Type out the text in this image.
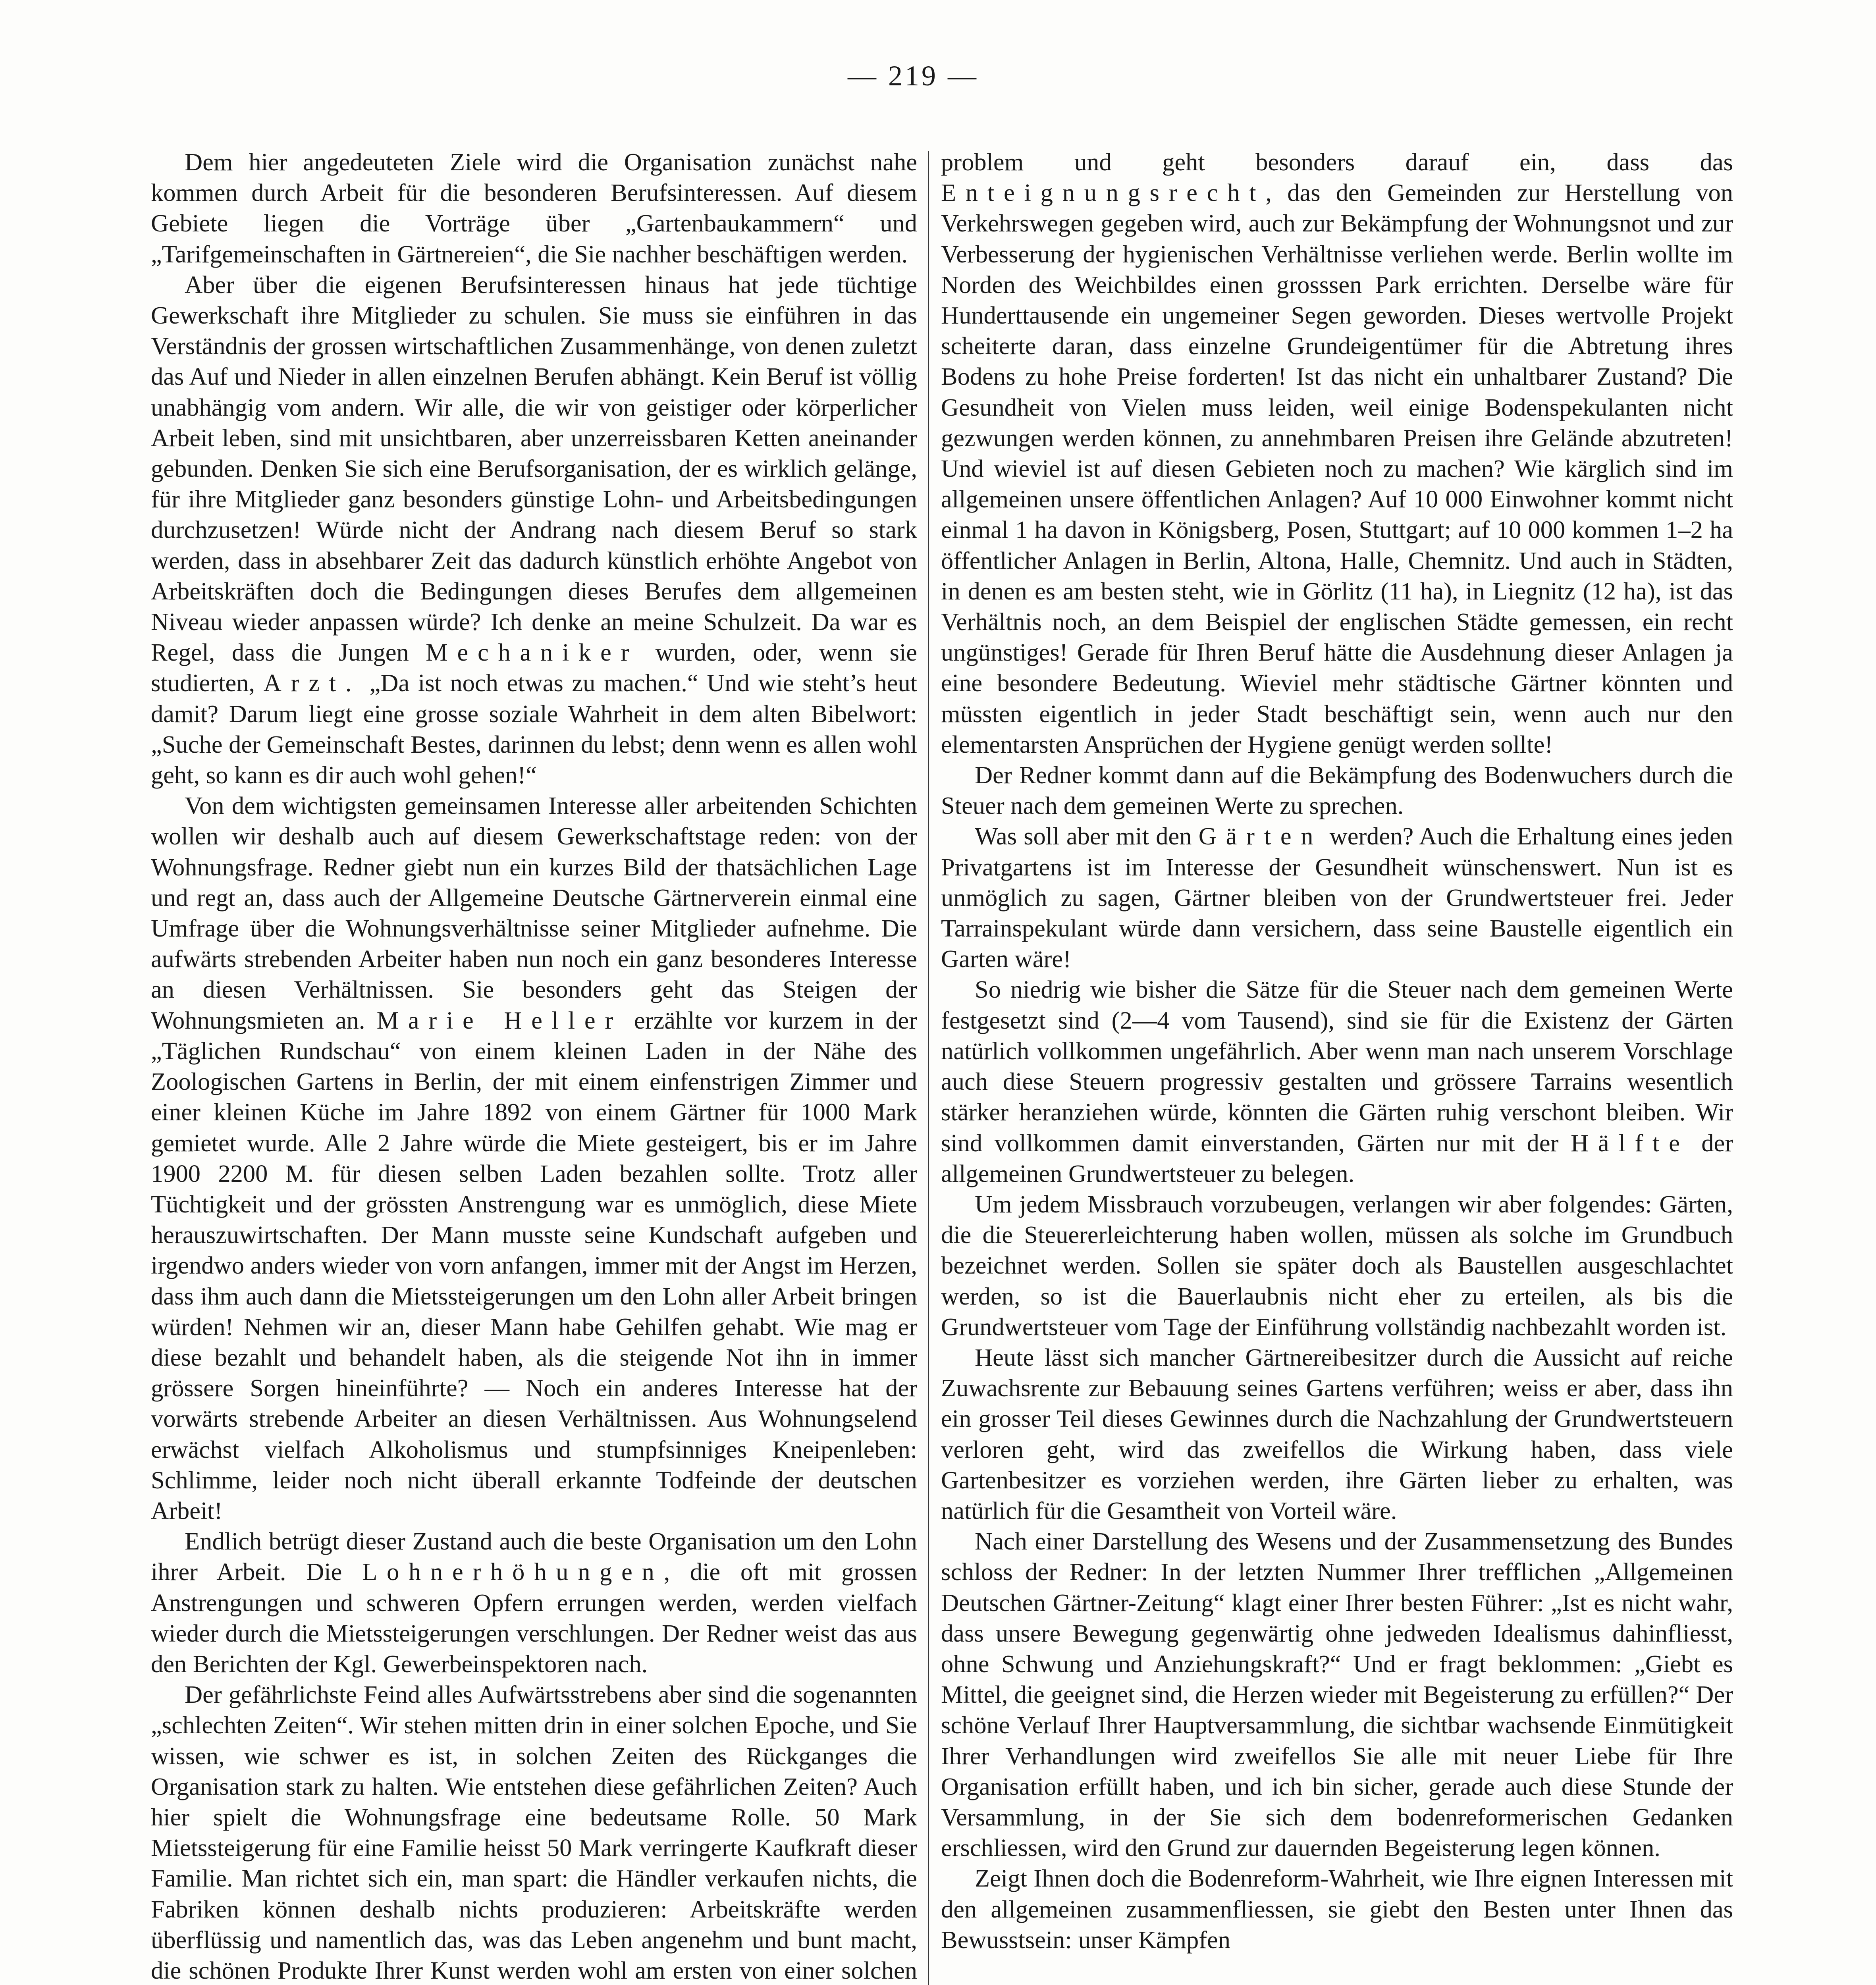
— 219 —

Dem hier angedeuteten Ziele wird die Organisation zunächst nahe kommen durch Arbeit für die besonderen Berufsinteressen. Auf diesem Gebiete liegen die Vorträge über „Gartenbaukammern“ und „Tarifgemeinschaften in Gärtnereien“, die Sie nachher beschäftigen werden.

Aber über die eigenen Berufsinteressen hinaus hat jede tüchtige Gewerkschaft ihre Mitglieder zu schulen. Sie muss sie einführen in das Verständnis der grossen wirtschaftlichen Zusammenhänge, von denen zuletzt das Auf und Nieder in allen einzelnen Berufen abhängt. Kein Beruf ist völlig unabhängig vom andern. Wir alle, die wir von geistiger oder körperlicher Arbeit leben, sind mit unsichtbaren, aber unzerreissbaren Ketten aneinander gebunden. Denken Sie sich eine Berufsorganisation, der es wirklich gelänge, für ihre Mitglieder ganz besonders günstige Lohn- und Arbeitsbedingungen durchzusetzen! Würde nicht der Andrang nach diesem Beruf so stark werden, dass in absehbarer Zeit das dadurch künstlich erhöhte Angebot von Arbeitskräften doch die Bedingungen dieses Berufes dem allgemeinen Niveau wieder anpassen würde? Ich denke an meine Schulzeit. Da war es Regel, dass die Jungen Mechaniker wurden, oder, wenn sie studierten, Arzt. „Da ist noch etwas zu machen.“ Und wie steht’s heut damit? Darum liegt eine grosse soziale Wahrheit in dem alten Bibelwort: „Suche der Gemeinschaft Bestes, darinnen du lebst; denn wenn es allen wohl geht, so kann es dir auch wohl gehen!“

Von dem wichtigsten gemeinsamen Interesse aller arbeitenden Schichten wollen wir deshalb auch auf diesem Gewerkschaftstage reden: von der Wohnungsfrage. Redner giebt nun ein kurzes Bild der thatsächlichen Lage und regt an, dass auch der Allgemeine Deutsche Gärtnerverein einmal eine Umfrage über die Wohnungsverhältnisse seiner Mitglieder aufnehme. Die aufwärts strebenden Arbeiter haben nun noch ein ganz besonderes Interesse an diesen Verhältnissen. Sie besonders geht das Steigen der Wohnungsmieten an. Marie Heller erzählte vor kurzem in der „Täglichen Rundschau“ von einem kleinen Laden in der Nähe des Zoologischen Gartens in Berlin, der mit einem einfenstrigen Zimmer und einer kleinen Küche im Jahre 1892 von einem Gärtner für 1000 Mark gemietet wurde. Alle 2 Jahre würde die Miete gesteigert, bis er im Jahre 1900 2200 M. für diesen selben Laden bezahlen sollte. Trotz aller Tüchtigkeit und der grössten Anstrengung war es unmöglich, diese Miete herauszuwirtschaften. Der Mann musste seine Kundschaft aufgeben und irgendwo anders wieder von vorn anfangen, immer mit der Angst im Herzen, dass ihm auch dann die Mietssteigerungen um den Lohn aller Arbeit bringen würden! Nehmen wir an, dieser Mann habe Gehilfen gehabt. Wie mag er diese bezahlt und behandelt haben, als die steigende Not ihn in immer grössere Sorgen hineinführte? — Noch ein anderes Interesse hat der vorwärts strebende Arbeiter an diesen Verhältnissen. Aus Wohnungselend erwächst vielfach Alkoholismus und stumpfsinniges Kneipenleben: Schlimme, leider noch nicht überall erkannte Todfeinde der deutschen Arbeit!

Endlich betrügt dieser Zustand auch die beste Organisation um den Lohn ihrer Arbeit. Die Lohnerhöhungen, die oft mit grossen Anstrengungen und schweren Opfern errungen werden, werden vielfach wieder durch die Mietssteigerungen verschlungen. Der Redner weist das aus den Berichten der Kgl. Gewerbeinspektoren nach.

Der gefährlichste Feind alles Aufwärtsstrebens aber sind die sogenannten „schlechten Zeiten“. Wir stehen mitten drin in einer solchen Epoche, und Sie wissen, wie schwer es ist, in solchen Zeiten des Rückganges die Organisation stark zu halten. Wie entstehen diese gefährlichen Zeiten? Auch hier spielt die Wohnungsfrage eine bedeutsame Rolle. 50 Mark Mietssteigerung für eine Familie heisst 50 Mark verringerte Kaufkraft dieser Familie. Man richtet sich ein, man spart: die Händler verkaufen nichts, die Fabriken können deshalb nichts produzieren: Arbeitskräfte werden überflüssig und namentlich das, was das Leben angenehm und bunt macht, die schönen Produkte Ihrer Kunst werden wohl am ersten von einer solchen

problem und geht besonders darauf ein, dass das Enteignungsrecht, das den Gemeinden zur Herstellung von Verkehrswegen gegeben wird, auch zur Bekämpfung der Wohnungsnot und zur Verbesserung der hygienischen Verhältnisse verliehen werde. Berlin wollte im Norden des Weichbildes einen grosssen Park errichten. Derselbe wäre für Hunderttausende ein ungemeiner Segen geworden. Dieses wertvolle Projekt scheiterte daran, dass einzelne Grundeigentümer für die Abtretung ihres Bodens zu hohe Preise forderten! Ist das nicht ein unhaltbarer Zustand? Die Gesundheit von Vielen muss leiden, weil einige Bodenspekulanten nicht gezwungen werden können, zu annehmbaren Preisen ihre Gelände abzutreten! Und wieviel ist auf diesen Gebieten noch zu machen? Wie kärglich sind im allgemeinen unsere öffentlichen Anlagen? Auf 10 000 Einwohner kommt nicht einmal 1 ha davon in Königsberg, Posen, Stuttgart; auf 10 000 kommen 1–2 ha öffentlicher Anlagen in Berlin, Altona, Halle, Chemnitz. Und auch in Städten, in denen es am besten steht, wie in Görlitz (11 ha), in Liegnitz (12 ha), ist das Verhältnis noch, an dem Beispiel der englischen Städte gemessen, ein recht ungünstiges! Gerade für Ihren Beruf hätte die Ausdehnung dieser Anlagen ja eine besondere Bedeutung. Wieviel mehr städtische Gärtner könnten und müssten eigentlich in jeder Stadt beschäftigt sein, wenn auch nur den elementarsten Ansprüchen der Hygiene genügt werden sollte!

Der Redner kommt dann auf die Bekämpfung des Bodenwuchers durch die Steuer nach dem gemeinen Werte zu sprechen.

Was soll aber mit den Gärten werden? Auch die Erhaltung eines jeden Privatgartens ist im Interesse der Gesundheit wünschenswert. Nun ist es unmöglich zu sagen, Gärtner bleiben von der Grundwertsteuer frei. Jeder Tarrainspekulant würde dann versichern, dass seine Baustelle eigentlich ein Garten wäre!

So niedrig wie bisher die Sätze für die Steuer nach dem gemeinen Werte festgesetzt sind (2—4 vom Tausend), sind sie für die Existenz der Gärten natürlich vollkommen ungefährlich. Aber wenn man nach unserem Vorschlage auch diese Steuern progressiv gestalten und grössere Tarrains wesentlich stärker heranziehen würde, könnten die Gärten ruhig verschont bleiben. Wir sind vollkommen damit einverstanden, Gärten nur mit der Hälfte der allgemeinen Grundwertsteuer zu belegen.

Um jedem Missbrauch vorzubeugen, verlangen wir aber folgendes: Gärten, die die Steuererleichterung haben wollen, müssen als solche im Grundbuch bezeichnet werden. Sollen sie später doch als Baustellen ausgeschlachtet werden, so ist die Bauerlaubnis nicht eher zu erteilen, als bis die Grundwertsteuer vom Tage der Einführung vollständig nachbezahlt worden ist.

Heute lässt sich mancher Gärtnereibesitzer durch die Aussicht auf reiche Zuwachsrente zur Bebauung seines Gartens verführen; weiss er aber, dass ihn ein grosser Teil dieses Gewinnes durch die Nachzahlung der Grundwertsteuern verloren geht, wird das zweifellos die Wirkung haben, dass viele Gartenbesitzer es vorziehen werden, ihre Gärten lieber zu erhalten, was natürlich für die Gesamtheit von Vorteil wäre.

Nach einer Darstellung des Wesens und der Zusammensetzung des Bundes schloss der Redner: In der letzten Nummer Ihrer trefflichen „Allgemeinen Deutschen Gärtner-Zeitung“ klagt einer Ihrer besten Führer: „Ist es nicht wahr, dass unsere Bewegung gegenwärtig ohne jedweden Idealismus dahinfliesst, ohne Schwung und Anziehungskraft?“ Und er fragt beklommen: „Giebt es Mittel, die geeignet sind, die Herzen wieder mit Begeisterung zu erfüllen?“ Der schöne Verlauf Ihrer Hauptversammlung, die sichtbar wachsende Einmütigkeit Ihrer Verhandlungen wird zweifellos Sie alle mit neuer Liebe für Ihre Organisation erfüllt haben, und ich bin sicher, gerade auch diese Stunde der Versammlung, in der Sie sich dem bodenreformerischen Gedanken erschliessen, wird den Grund zur dauernden Begeisterung legen können.

Zeigt Ihnen doch die Bodenreform-Wahrheit, wie Ihre eignen Interessen mit den allgemeinen zusammenfliessen, sie giebt den Besten unter Ihnen das Bewusstsein: unser Kämpfen
